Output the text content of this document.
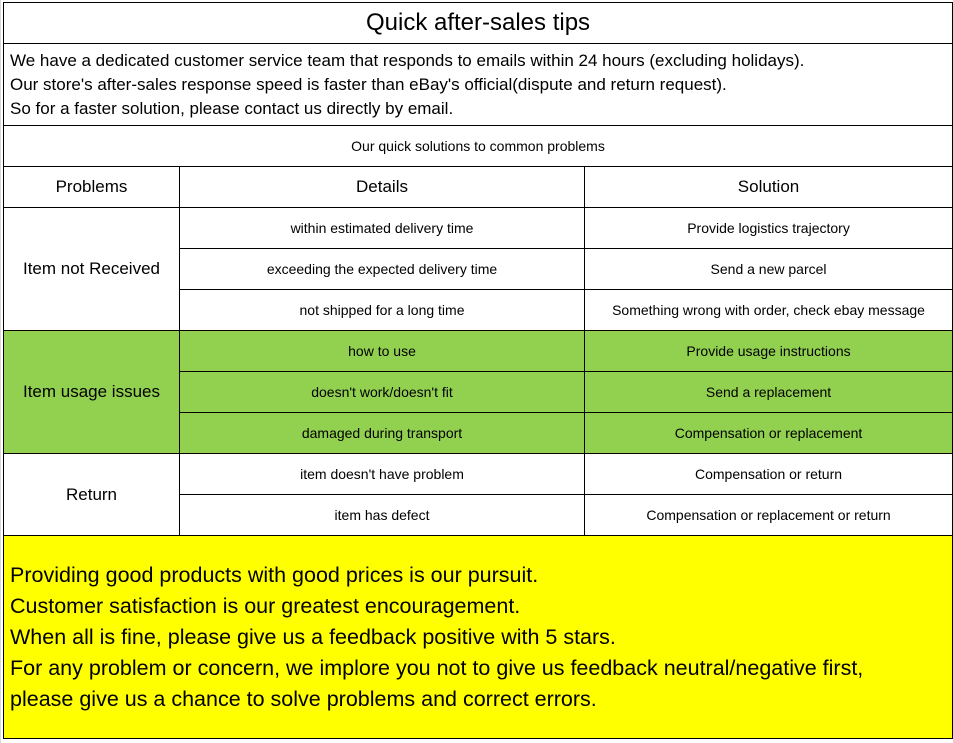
Quick after-sales tips		

We have a dedicated customer service team that responds to emails within 24 hours (excluding holidays).
Our store's after-sales response speed is faster than eBay's official(dispute and return request).
So for a faster solution, please contact us directly by email.		

Our quick solutions to common problems		
Problems	Details	Solution
Item not Received	within estimated delivery time	Provide logistics trajectory
	exceeding the expected delivery time	Send a new parcel
	not shipped for a long time	Something wrong with order, check ebay message
Item usage issues	how to use	Provide usage instructions
	doesn't work/doesn't fit	Send a replacement
	damaged during transport	Compensation or replacement
Return	item doesn't have problem	Compensation or return
	item has defect	Compensation or replacement or return

Providing good products with good prices is our pursuit.
Customer satisfaction is our greatest encouragement.
When all is fine, please give us a feedback positive with 5 stars.
For any problem or concern, we implore you not to give us feedback neutral/negative first,
please give us a chance to solve problems and correct errors.		
